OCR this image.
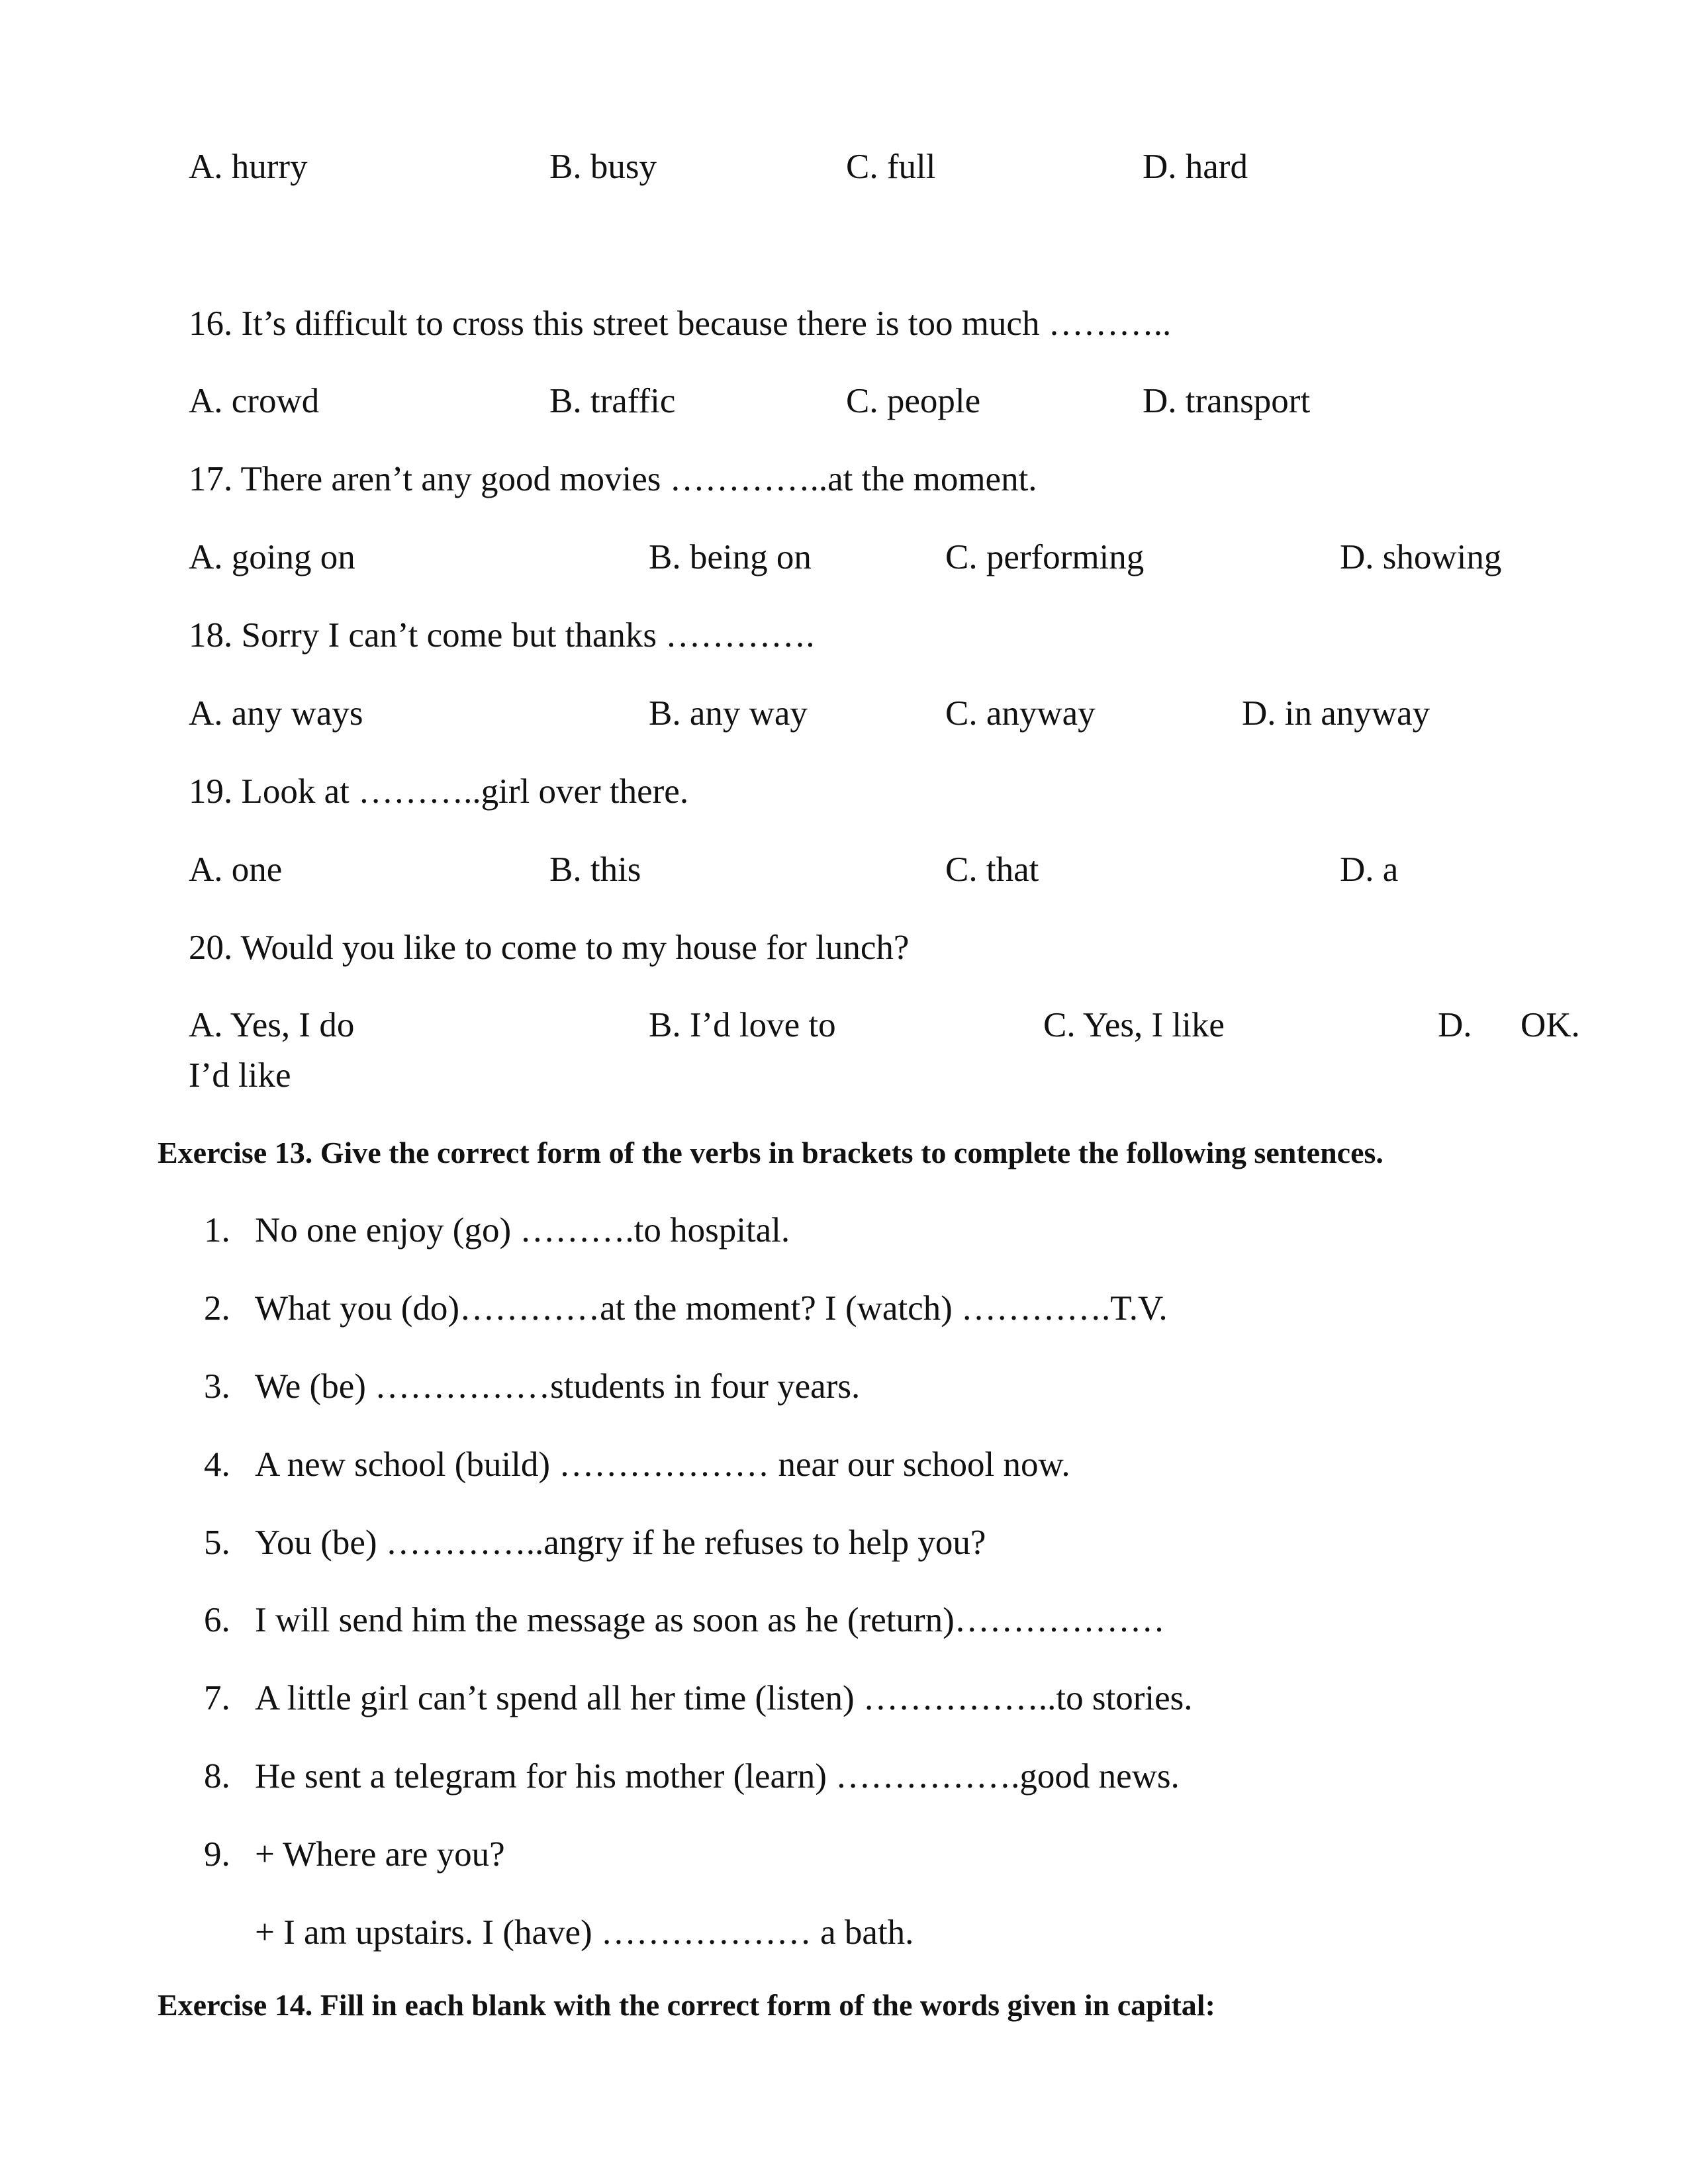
A. hurry	B. busy	C. full	D. hard
16. It’s difficult to cross this street because there is too much ………..
A. crowd	B. traffic	C. people	D. transport
17. There aren’t any good movies …………..at the moment.
A. going on	B. being on	C. performing	D. showing
18. Sorry I can’t come but thanks ………….
A. any ways	B. any way	C. anyway	D. in anyway
19. Look at ………..girl over there.
A. one	B. this	C. that	D. a
20. Would you like to come to my house for lunch?
A. Yes, I do	B. I’d love to	C. Yes, I like	D. OK.
I’d like
Exercise 13. Give the correct form of the verbs in brackets to complete the following sentences.
1. No one enjoy (go) ……….to hospital.
2. What you (do)…………at the moment? I (watch) ………….T.V.
3. We (be) ……………students in four years.
4. A new school (build) ……………… near our school now.
5. You (be) …………..angry if he refuses to help you?
6. I will send him the message as soon as he (return)………………
7. A little girl can’t spend all her time (listen) ……………..to stories.
8. He sent a telegram for his mother (learn) …………….good news.
9. + Where are you?
+ I am upstairs. I (have) ……………… a bath.
Exercise 14. Fill in each blank with the correct form of the words given in capital:
